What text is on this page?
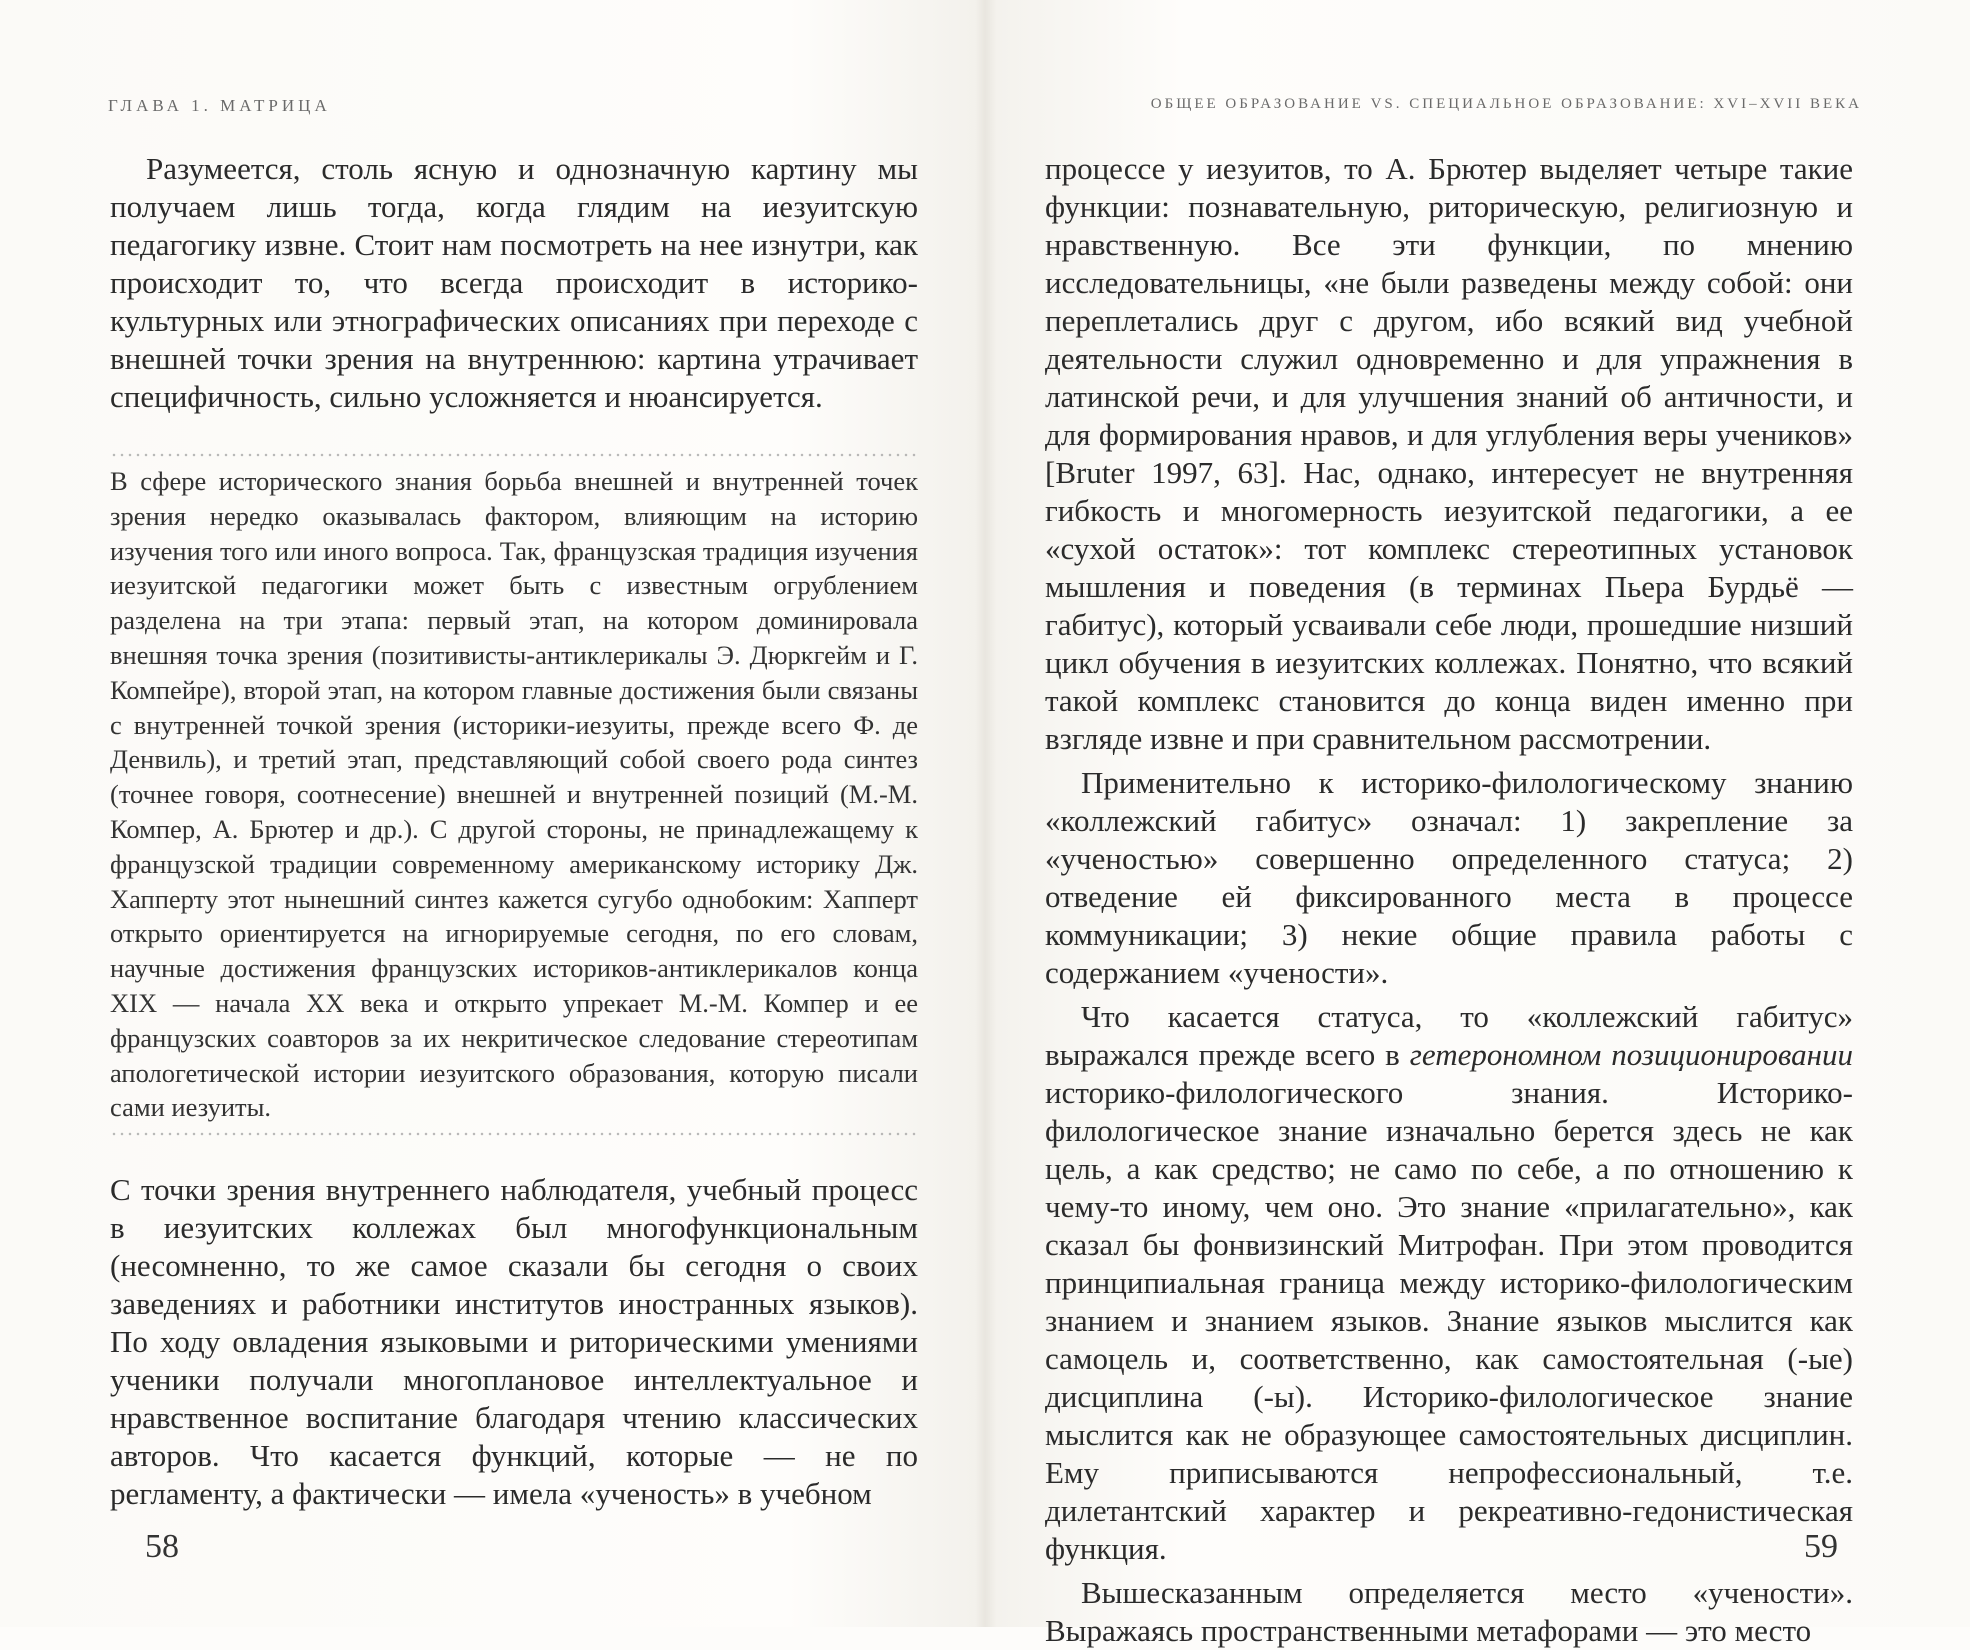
ГЛАВА 1. МАТРИЦА

Разумеется, столь ясную и однозначную картину мы получаем лишь тогда, когда глядим на иезуитскую педагогику извне. Стоит нам посмотреть на нее изнутри, как происходит то, что всегда происходит в историко-культурных или этнографических описаниях при переходе с внешней точки зрения на внутреннюю: картина утрачивает специфичность, сильно усложняется и нюансируется.

В сфере исторического знания борьба внешней и внутренней точек зрения нередко оказывалась фактором, влияющим на историю изучения того или иного вопроса. Так, французская традиция изучения иезуитской педагогики может быть с известным огрублением разделена на три этапа: первый этап, на котором доминировала внешняя точка зрения (позитивисты-антиклерикалы Э. Дюркгейм и Г. Компейре), второй этап, на котором главные достижения были связаны с внутренней точкой зрения (историки-иезуиты, прежде всего Ф. де Денвиль), и третий этап, представляющий собой своего рода синтез (точнее говоря, соотнесение) внешней и внутренней позиций (М.-М. Компер, А. Брютер и др.). С другой стороны, не принадлежащему к французской традиции современному американскому историку Дж. Хапперту этот нынешний синтез кажется сугубо однобоким: Хапперт открыто ориентируется на игнорируемые сегодня, по его словам, научные достижения французских историков-антиклерикалов конца XIX — начала XX века и открыто упрекает М.-М. Компер и ее французских соавторов за их некритическое следование стереотипам апологетической истории иезуитского образования, которую писали сами иезуиты.

С точки зрения внутреннего наблюдателя, учебный процесс в иезуитских коллежах был многофункциональным (несомненно, то же самое сказали бы сегодня о своих заведениях и работники институтов иностранных языков). По ходу овладения языковыми и риторическими умениями ученики получали многоплановое интеллектуальное и нравственное воспитание благодаря чтению классических авторов. Что касается функций, которые — не по регламенту, а фактически — имела «ученость» в учебном

58
ОБЩЕЕ ОБРАЗОВАНИЕ VS. СПЕЦИАЛЬНОЕ ОБРАЗОВАНИЕ: XVI–XVII ВЕКА

процессе у иезуитов, то А. Брютер выделяет четыре такие функции: познавательную, риторическую, религиозную и нравственную. Все эти функции, по мнению исследовательницы, «не были разведены между собой: они переплетались друг с другом, ибо всякий вид учебной деятельности служил одновременно и для упражнения в латинской речи, и для улучшения знаний об античности, и для формирования нравов, и для углубления веры учеников» [Bruter 1997, 63]. Нас, однако, интересует не внутренняя гибкость и многомерность иезуитской педагогики, а ее «сухой остаток»: тот комплекс стереотипных установок мышления и поведения (в терминах Пьера Бурдьё — габитус), который усваивали себе люди, прошедшие низший цикл обучения в иезуитских коллежах. Понятно, что всякий такой комплекс становится до конца виден именно при взгляде извне и при сравнительном рассмотрении.

Применительно к историко-филологическому знанию «коллежский габитус» означал: 1) закрепление за «ученостью» совершенно определенного статуса; 2) отведение ей фиксированного места в процессе коммуникации; 3) некие общие правила работы с содержанием «учености».

Что касается статуса, то «коллежский габитус» выражался прежде всего в гетерономном позиционировании историко-филологического знания. Историко-филологическое знание изначально берется здесь не как цель, а как средство; не само по себе, а по отношению к чему-то иному, чем оно. Это знание «прилагательно», как сказал бы фонвизинский Митрофан. При этом проводится принципиальная граница между историко-филологическим знанием и знанием языков. Знание языков мыслится как самоцель и, соответственно, как самостоятельная (-ые) дисциплина (-ы). Историко-филологическое знание мыслится как не образующее самостоятельных дисциплин. Ему приписываются непрофессиональный, т.е. дилетантский характер и рекреативно-гедонистическая функция.

Вышесказанным определяется место «учености». Выражаясь пространственными метафорами — это место

59
